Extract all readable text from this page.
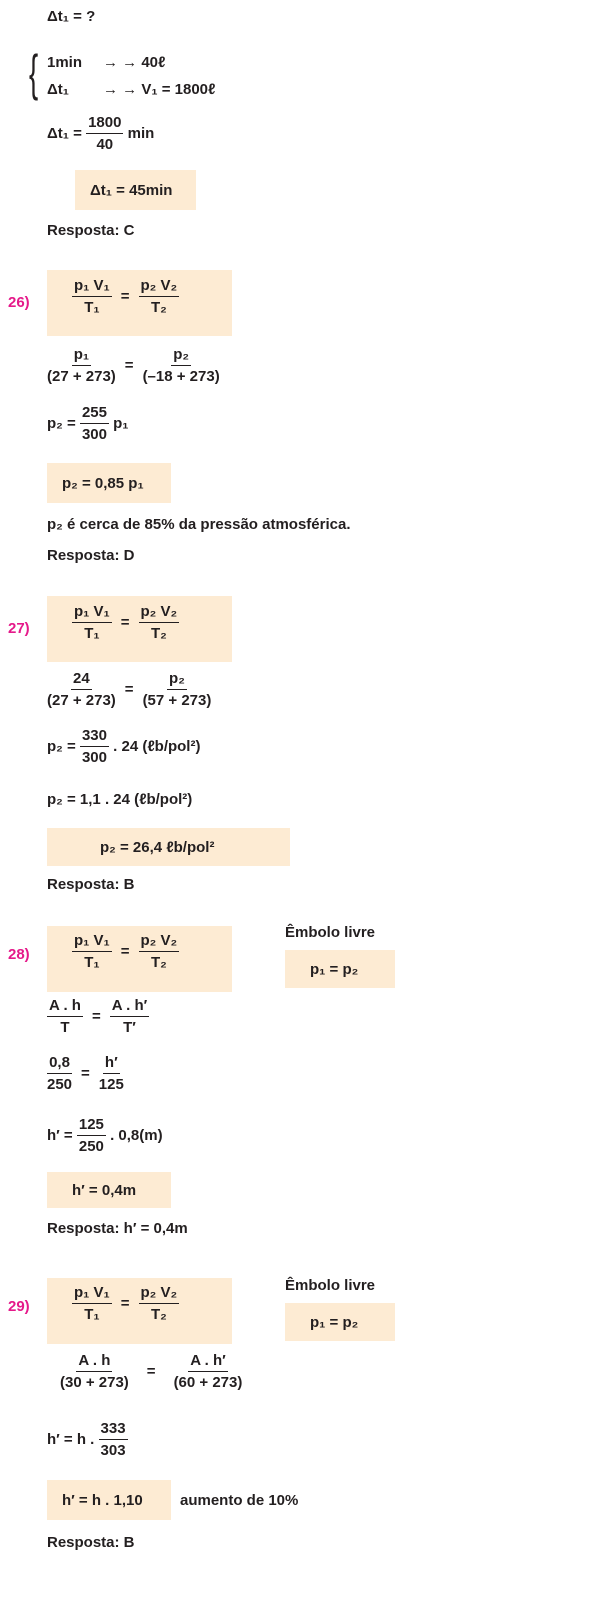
Δt₁ = ?
{ 1min → → 40ℓ
Δt₁ → → V₁ = 1800ℓ
$\Delta t_1 = \frac{1800}{40}$ min
Δt₁ = 45min
Resposta: C
26)	$\frac{\text{p₁ V₁}}{\text{T₁}} = \frac{\text{p₂ V₂}}{\text{T₂}}$
$\frac{\text{p₁}}{(27 + 273)} = \frac{\text{p₂}}{(-18 + 273)}$
$p_2 = \frac{255}{300} p_1$
p₂ = 0,85 p₁
p₂ é cerca de 85% da pressão atmosférica.
Resposta: D
27)	$\frac{\text{p₁ V₁}}{\text{T₁}} = \frac{\text{p₂ V₂}}{\text{T₂}}$
$\frac{24}{(27 + 273)} = \frac{\text{p₂}}{(57 + 273)}$
$p_2 = \frac{330}{300}$ . 24 (ℓb/pol²)
p₂ = 1,1 . 24 (ℓb/pol²)
p₂ = 26,4 ℓb/pol²
Resposta: B
28)	$\frac{\text{p₁ V₁}}{\text{T₁}} = \frac{\text{p₂ V₂}}{\text{T₂}}$	Êmbolo livre
p₁ = p₂
$\frac{A . h}{T} = \frac{A . h'}{T'}$
$\frac{0,8}{250} = \frac{h'}{125}$
$h' = \frac{125}{250}$ . 0,8(m)
h′ = 0,4m
Resposta: h′ = 0,4m
29)	$\frac{\text{p₁ V₁}}{\text{T₁}} = \frac{\text{p₂ V₂}}{\text{T₂}}$	Êmbolo livre
p₁ = p₂
$\frac{A . h}{(30 + 273)} = \frac{A . h'}{(60 + 273)}$
h′ = h . $\frac{333}{303}$
h′ = h . 1,10 aumento de 10%
Resposta: B
